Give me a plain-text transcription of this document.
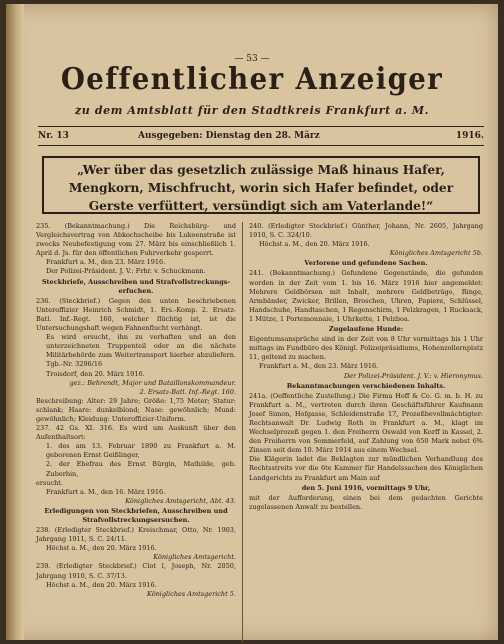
— 53 —
Oeffentlicher Anzeiger
zu dem Amtsblatt für den Stadtkreis Frankfurt a. M.
Nr. 13	Ausgegeben: Dienstag den 28. März	1916.
„Wer über das gesetzlich zulässige Maß hinaus Hafer,
Mengkorn, Mischfrucht, worin sich Hafer befindet, oder
Gerste verfüttert, versündigt sich am Vaterlande!“

235. (Bekanntmachung.) Die Reichsbürg- und Vergleichsvertrag von Abkochscheibe bis Lukoenstraße ist zwecks Neubefestigung vom 27. März bis einschließlich 1. April d. Js. für den öffentlichen Fuhrverkehr gesperrt.

Frankfurt a. M., den 23. März 1916.

Der Polizei-Präsident. J. V.: Frhr. v. Schuckmann.

Steckbriefe, Ausschreiben und Strafvollstreckungs-erfuchen.

236. (Steckbrief.) Gegen den unten beschriebenen Unteroffizier Heinrich Schmidt, 1. Ers.-Komp. 2. Ersatz-Batl. Inf.-Regt. 160, welcher flüchtig ist, ist die Untersuchungshaft wegen Fahnenflucht verhängt.

Es wird ersucht, ihn zu verhaften und an den unterzeichneten Truppenteil oder an die nächste Militärbehörde zum Weitertransport hierher abzuliefern. Tgb.-Nr. 3296/16

Troisdorf, den 20. März 1916.

gez.: Behrendt, Major und Bataillonskommandeur.

2. Ersatz-Batl. Inf.-Regt. 160.

Beschreibung: Alter: 29 Jahre; Größe: 1,75 Meter; Statur: schlank; Haare: dunkelblond; Nase: gewöhnlich; Mund: gewöhnlich; Kleidung: Unteroffizier-Uniform.

237. 42 Gs. XI. 316. Es wird um Auskunft über den Aufenthaltsort:

1. des am 13. Februar 1890 zu Frankfurt a. M. geborenen Ernst Geißlinger,

2. der Ehefrau des Ernst Bürgin, Mathilde, geb. Zuberbin,

ersucht.

Frankfurt a. M., den 16. März 1916.

Königliches Amtsgericht, Abt. 43.

Erledigungen von Steckbriefen, Ausschreiben und Strafvollstreckungsersuchen.

238. (Erledigter Steckbrief.) Kreischmar, Otto, Nr. 1903, Jahrgang 1911, S. C. 24/11.

Höchst a. M., den 20. März 1916.

Königliches Amtsgericht.

239. (Erledigter Steckbrief.) Clot l, Joseph, Nr. 2050, Jahrgang 1910, S. C. 37/13.

Höchst a. M., den 20. März 1916.

Königliches Amtsgericht 5.

240. (Erledigter Steckbrief.) Günther, Johann, Nr. 2605, Jahrgang 1910, S. C. 324/10.

Höchst a. M., den 20. März 1916.

Königliches Amtsgericht 5b.

Verlorene und gefundene Sachen.

241. (Bekanntmachung.) Gefundene Gegenstände, die gefunden worden in der Zeit vom 1. bis 16. März 1916 hier angemeldet: Mehrere Geldbörsen mit Inhalt, mehrere Geldbeträge, Ringe, Armbänder, Zwicker, Brillen, Broschen, Uhren, Papiere, Schlüssel, Handschuhe, Handtaschen, 1 Regenschirm, 1 Pelzkragen, 1 Rucksack, 1 Mütze, 1 Portemonnaie, 1 Uhrkette, 1 Pelzboa.

Zugelaufene Hunde:

Eigentumsansprüche sind in der Zeit von 8 Uhr vormittags bis 1 Uhr mittags im Fundbüro des Königl. Polizeipräsidiums, Hohenzollernplatz 11, geltend zu machen.

Frankfurt a. M., den 23. März 1916.

Der Polizei-Präsident. J. V.: v. Hieronymus.

Bekanntmachungen verschiedenen Inhalts.

241a. (Oeffentliche Zustellung.) Die Firma Hoff & Co. G. m. b. H. zu Frankfurt a. M., vertreten durch ihren Geschäftsführer Kaufmann Josef Simon, Hofgasse, Schleidenstraße 17, Prozeßbevollmächtigter: Rechtsanwalt Dr. Ludwig Roth in Frankfurt a. M., klagt im Wechselprozeß gegen 1. den Freiherrn Oswald von Korff in Kassel, 2. den Freiherrn von Sommerfeld, auf Zahlung von 650 Mark nebst 6% Zinsen seit dem 10. März 1914 aus einem Wechsel.

Die Klägerin ladet die Beklagten zur mündlichen Verhandlung des Rechtsstreits vor die 6te Kammer für Handelssachen des Königlichen Landgerichts zu Frankfurt am Main auf

den 5. Juni 1916, vormittags 9 Uhr,

mit der Aufforderung, einen bei dem gedachten Gerichte zugelassenen Anwalt zu bestellen.
